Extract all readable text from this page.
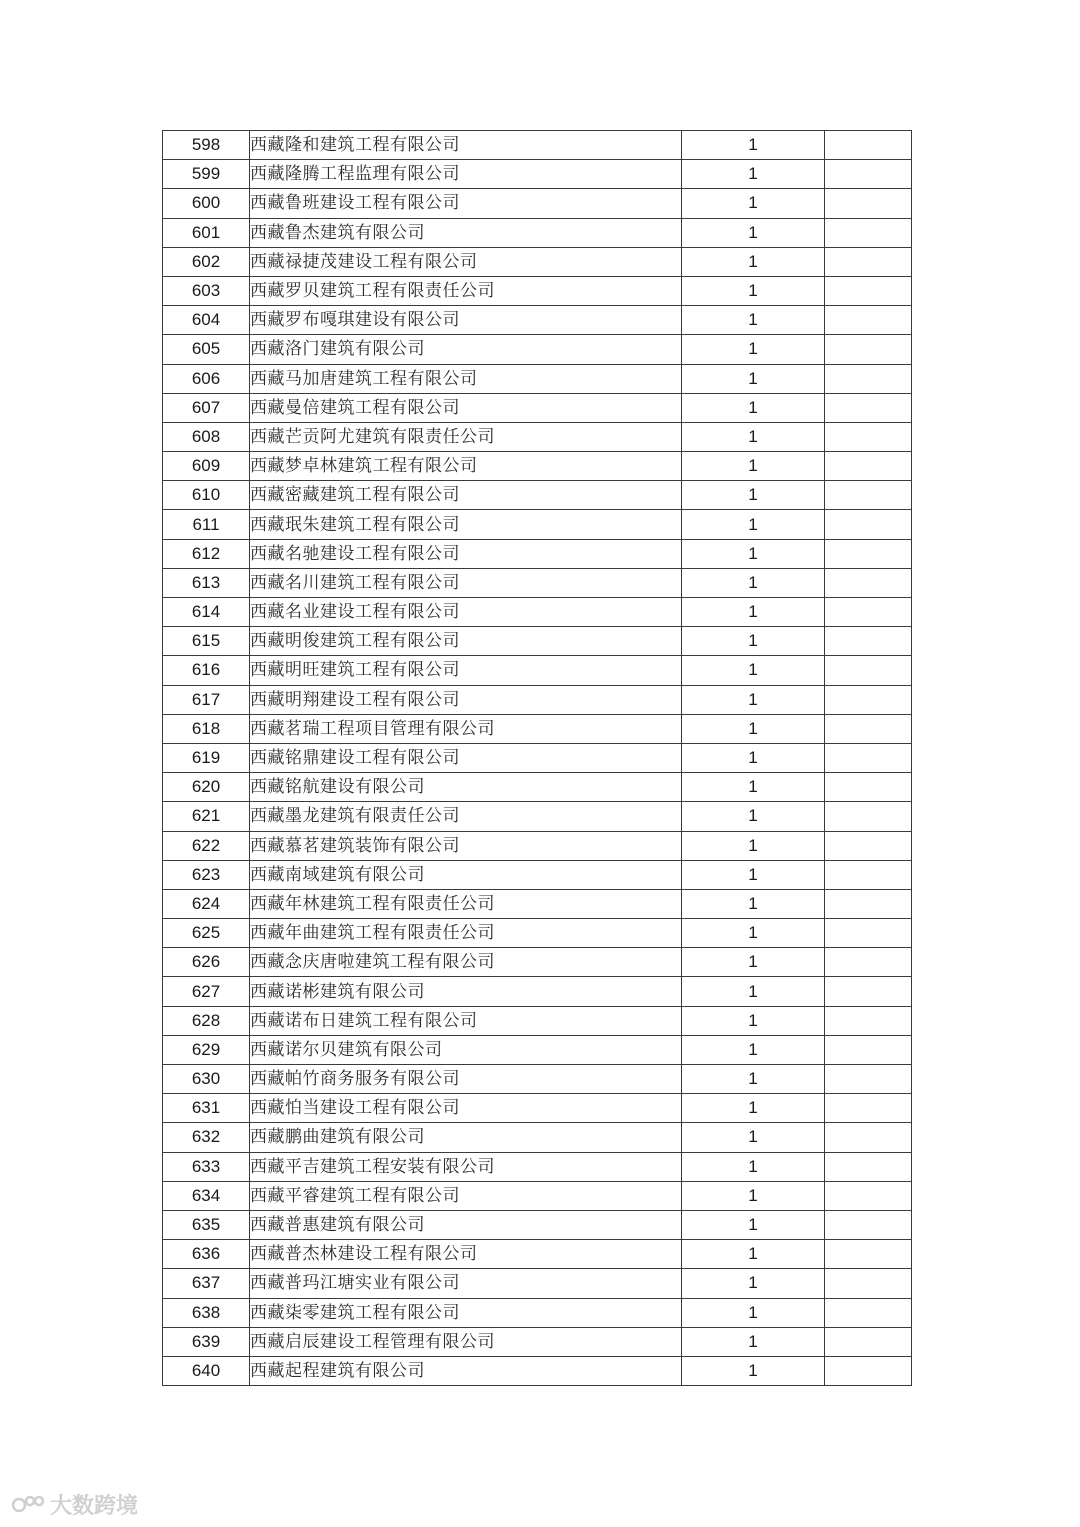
598	西藏隆和建筑工程有限公司	1	
599	西藏隆腾工程监理有限公司	1	
600	西藏鲁班建设工程有限公司	1	
601	西藏鲁杰建筑有限公司	1	
602	西藏禄捷茂建设工程有限公司	1	
603	西藏罗贝建筑工程有限责任公司	1	
604	西藏罗布嘎琪建设有限公司	1	
605	西藏洛门建筑有限公司	1	
606	西藏马加唐建筑工程有限公司	1	
607	西藏曼倍建筑工程有限公司	1	
608	西藏芒贡阿尤建筑有限责任公司	1	
609	西藏梦卓林建筑工程有限公司	1	
610	西藏密藏建筑工程有限公司	1	
611	西藏珉朱建筑工程有限公司	1	
612	西藏名驰建设工程有限公司	1	
613	西藏名川建筑工程有限公司	1	
614	西藏名业建设工程有限公司	1	
615	西藏明俊建筑工程有限公司	1	
616	西藏明旺建筑工程有限公司	1	
617	西藏明翔建设工程有限公司	1	
618	西藏茗瑞工程项目管理有限公司	1	
619	西藏铭鼎建设工程有限公司	1	
620	西藏铭航建设有限公司	1	
621	西藏墨龙建筑有限责任公司	1	
622	西藏慕茗建筑装饰有限公司	1	
623	西藏南域建筑有限公司	1	
624	西藏年林建筑工程有限责任公司	1	
625	西藏年曲建筑工程有限责任公司	1	
626	西藏念庆唐啦建筑工程有限公司	1	
627	西藏诺彬建筑有限公司	1	
628	西藏诺布日建筑工程有限公司	1	
629	西藏诺尔贝建筑有限公司	1	
630	西藏帕竹商务服务有限公司	1	
631	西藏怕当建设工程有限公司	1	
632	西藏鹏曲建筑有限公司	1	
633	西藏平吉建筑工程安装有限公司	1	
634	西藏平睿建筑工程有限公司	1	
635	西藏普惠建筑有限公司	1	
636	西藏普杰林建设工程有限公司	1	
637	西藏普玛江塘实业有限公司	1	
638	西藏柒零建筑工程有限公司	1	
639	西藏启辰建设工程管理有限公司	1	
640	西藏起程建筑有限公司	1	
大数跨境
